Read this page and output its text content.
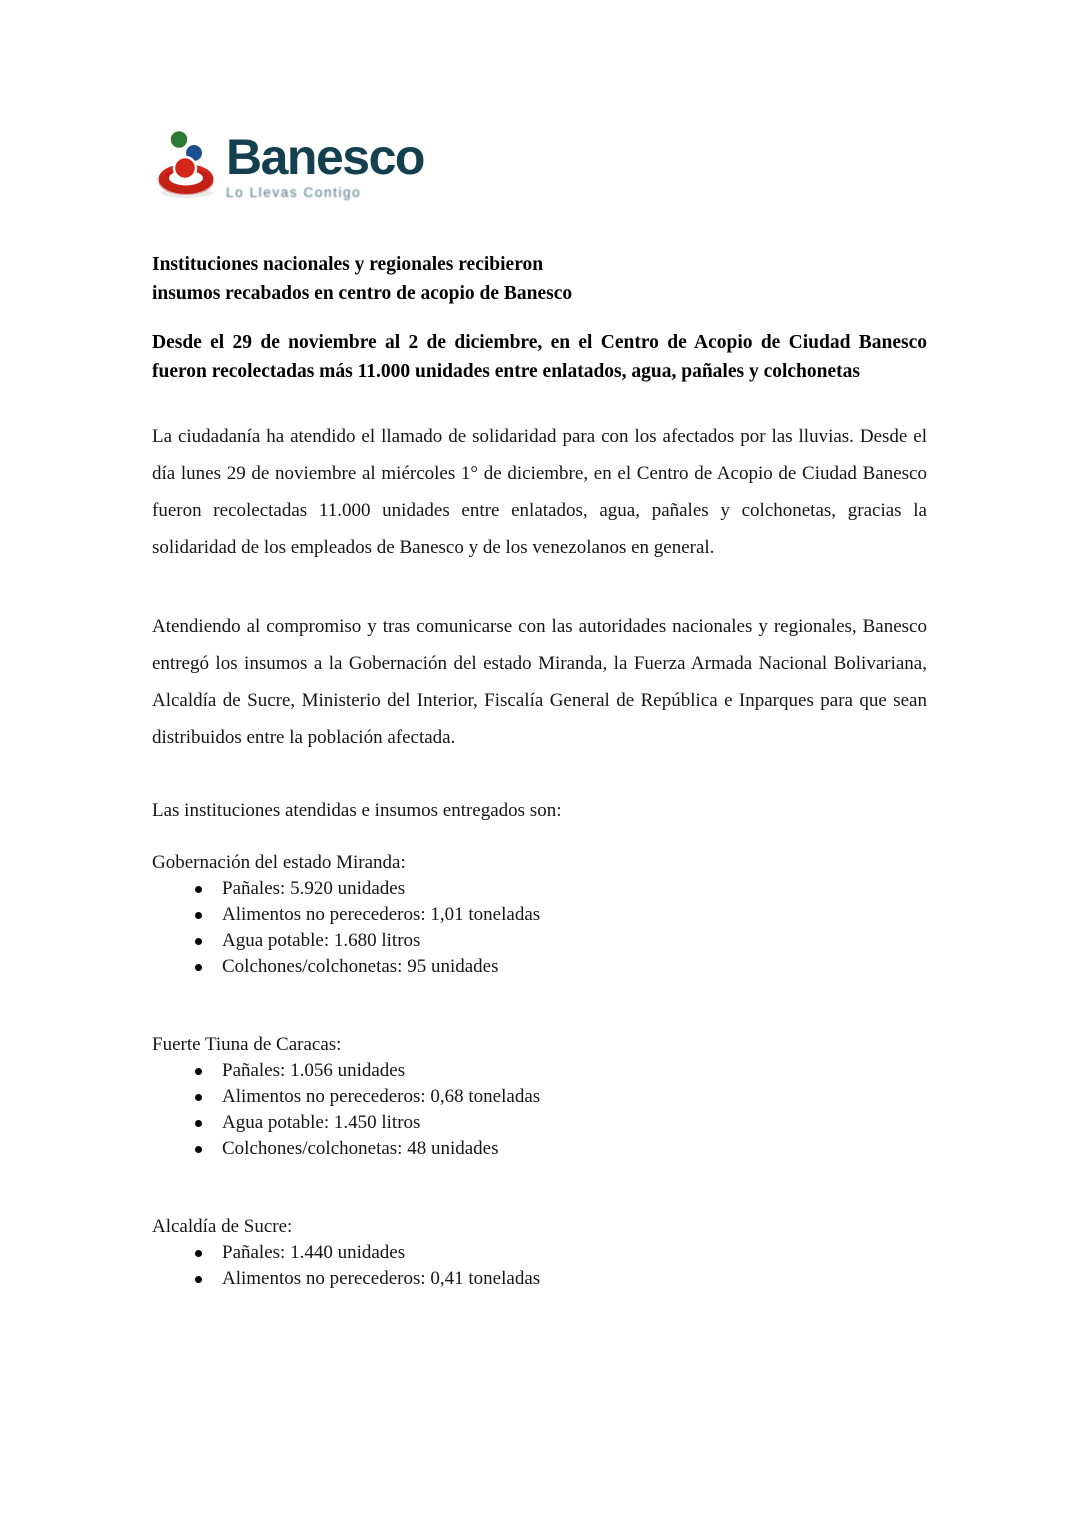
Banesco
Lo Llevas Contigo
Instituciones nacionales y regionales recibieron
insumos recabados en centro de acopio de Banesco

Desde el 29 de noviembre al 2 de diciembre, en el Centro de Acopio de Ciudad Banesco fueron recolectadas más 11.000 unidades entre enlatados, agua, pañales y colchonetas

La ciudadanía ha atendido el llamado de solidaridad para con los afectados por las lluvias. Desde el día lunes 29 de noviembre al miércoles 1° de diciembre, en el Centro de Acopio de Ciudad Banesco fueron recolectadas 11.000 unidades entre enlatados, agua, pañales y colchonetas, gracias la solidaridad de los empleados de Banesco y de los venezolanos en general.

Atendiendo al compromiso y tras comunicarse con las autoridades nacionales y regionales, Banesco entregó los insumos a la Gobernación del estado Miranda, la Fuerza Armada Nacional Bolivariana, Alcaldía de Sucre, Ministerio del Interior, Fiscalía General de República e Inparques para que sean distribuidos entre la población afectada.

Las instituciones atendidas e insumos entregados son:

Gobernación del estado Miranda:

Pañales: 5.920 unidades
Alimentos no perecederos: 1,01 toneladas
Agua potable: 1.680 litros
Colchones/colchonetas: 95 unidades

Fuerte Tiuna de Caracas:

Pañales: 1.056 unidades
Alimentos no perecederos: 0,68 toneladas
Agua potable: 1.450 litros
Colchones/colchonetas: 48 unidades

Alcaldía de Sucre:

Pañales: 1.440 unidades
Alimentos no perecederos: 0,41 toneladas
